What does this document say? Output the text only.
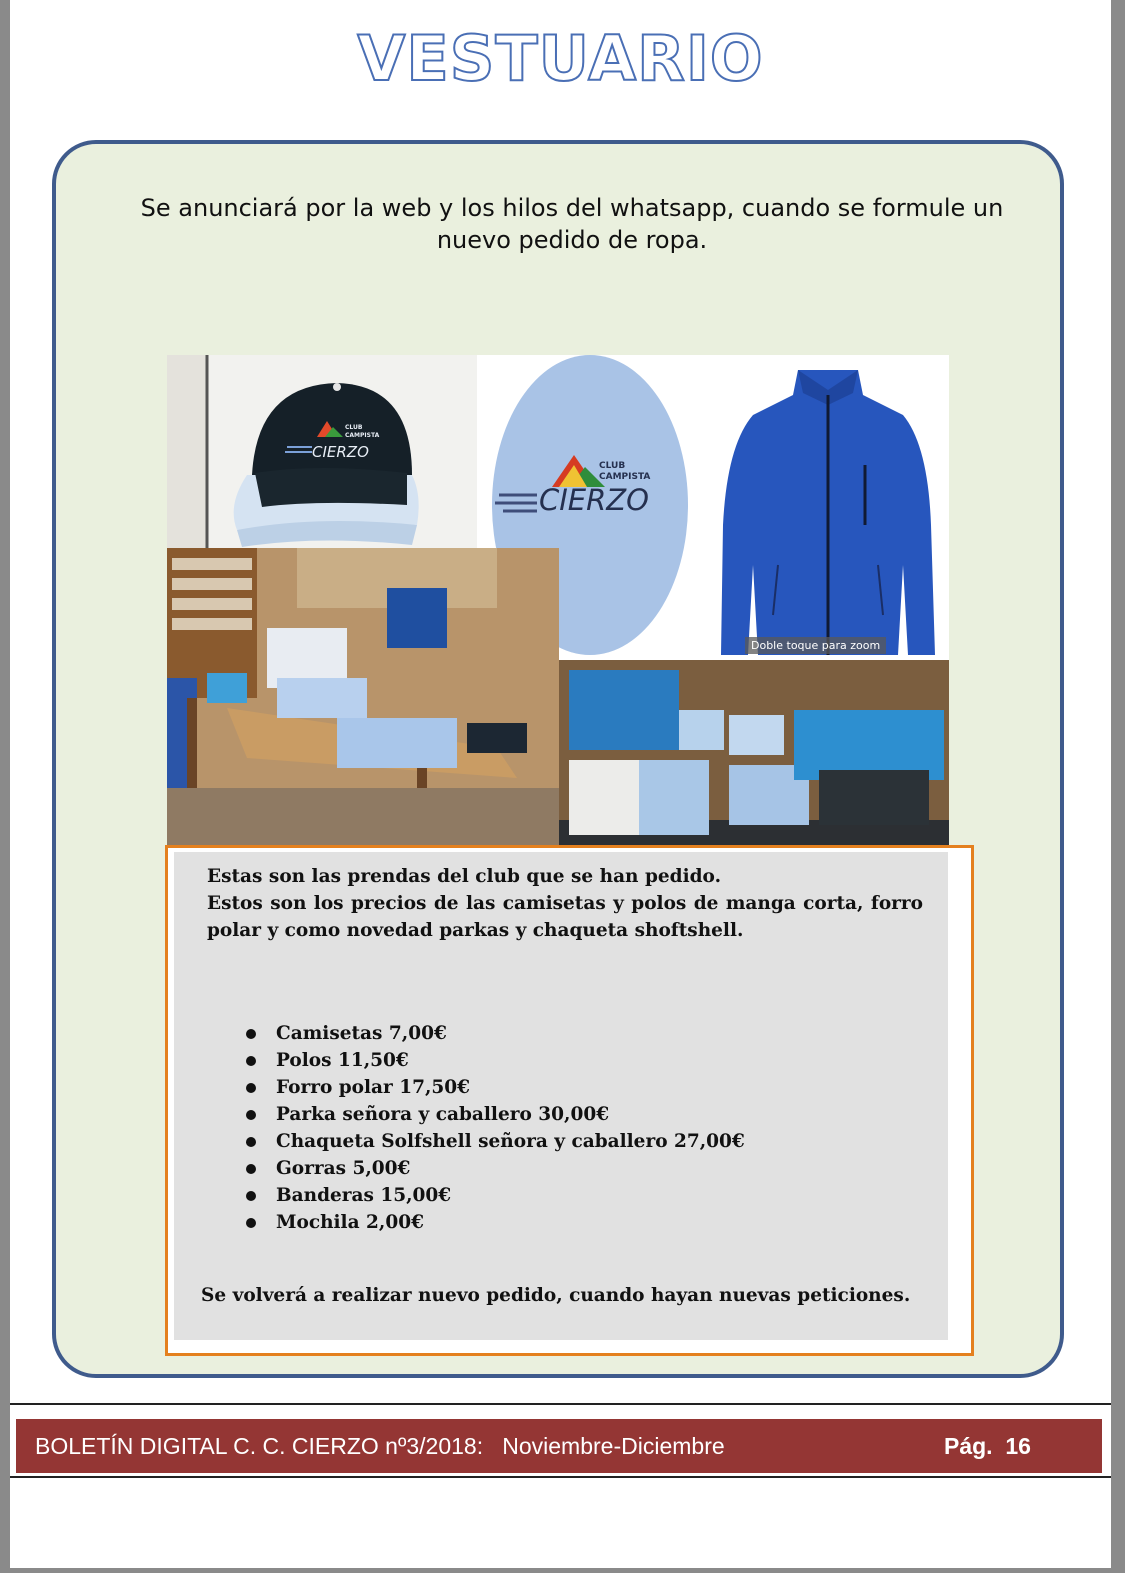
VESTUARIO
Se anunciará por la web y los hilos del whatsapp, cuando se formule un nuevo pedido de ropa.
CIERZO
CLUB
CAMPISTA
CIERZO
CLUB
CAMPISTA
Doble toque para zoom

Estas son las prendas del club que se han pedido.

Estos son los precios de las camisetas y polos de manga corta, forro polar y como novedad parkas y chaqueta shoftshell.

Camisetas 7,00€
Polos 11,50€
Forro polar 17,50€
Parka señora y caballero 30,00€
Chaqueta Solfshell señora y caballero 27,00€
Gorras 5,00€
Banderas 15,00€
Mochila 2,00€

Se volverá a realizar nuevo pedido, cuando hayan nuevas peticiones.

BOLETÍN DIGITAL C. C. CIERZO nº3/2018:   Noviembre-Diciembre	Pág.  16
